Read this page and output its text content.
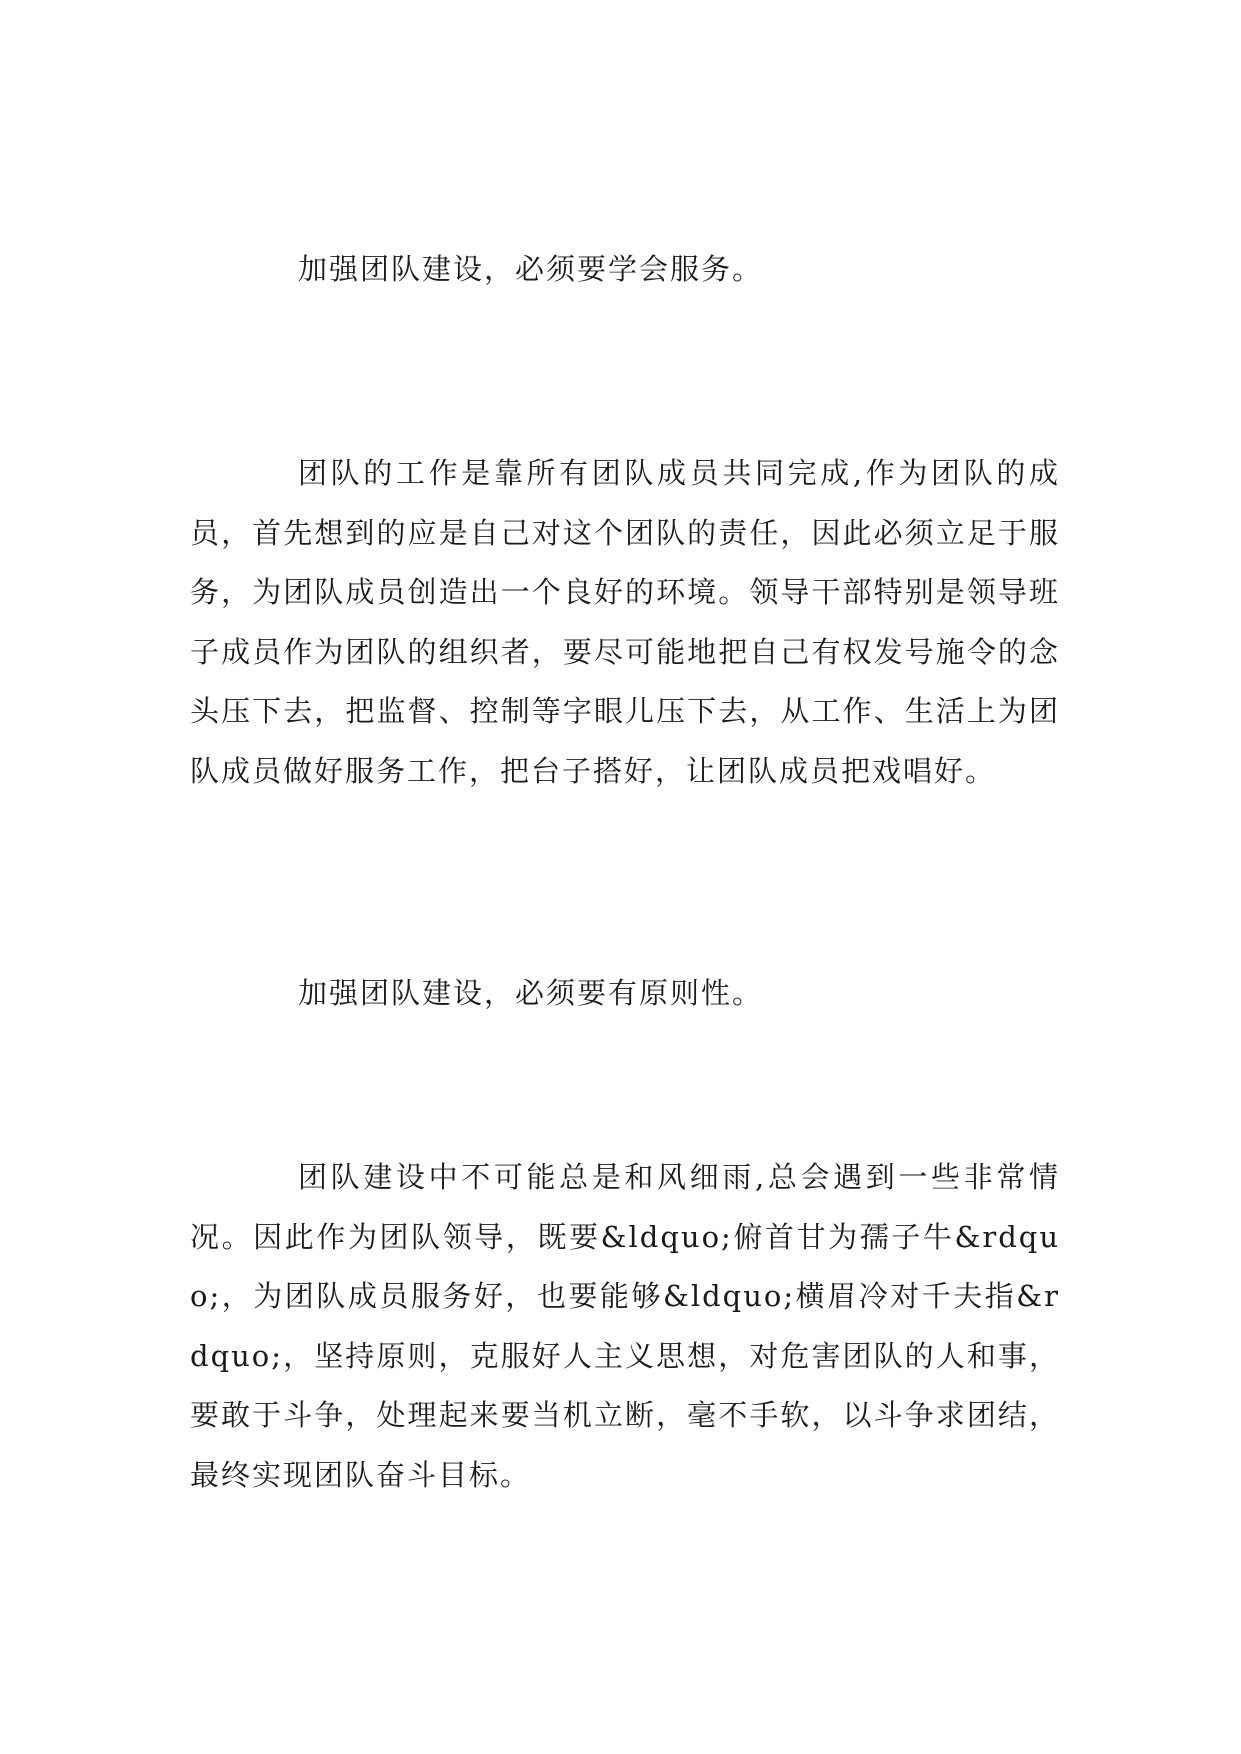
加强团队建设，必须要学会服务。

团队的工作是靠所有团队成员共同完成,作为团队的成员，首先想到的应是自己对这个团队的责任，因此必须立足于服务，为团队成员创造出一个良好的环境。领导干部特别是领导班子成员作为团队的组织者，要尽可能地把自己有权发号施令的念头压下去，把监督、控制等字眼儿压下去，从工作、生活上为团队成员做好服务工作，把台子搭好，让团队成员把戏唱好。

加强团队建设，必须要有原则性。

团队建设中不可能总是和风细雨,总会遇到一些非常情况。因此作为团队领导，既要&ldquo;俯首甘为孺子牛&rdquo;，为团队成员服务好，也要能够&ldquo;横眉冷对千夫指&rdquo;，坚持原则，克服好人主义思想，对危害团队的人和事，要敢于斗争，处理起来要当机立断，毫不手软，以斗争求团结，最终实现团队奋斗目标。
